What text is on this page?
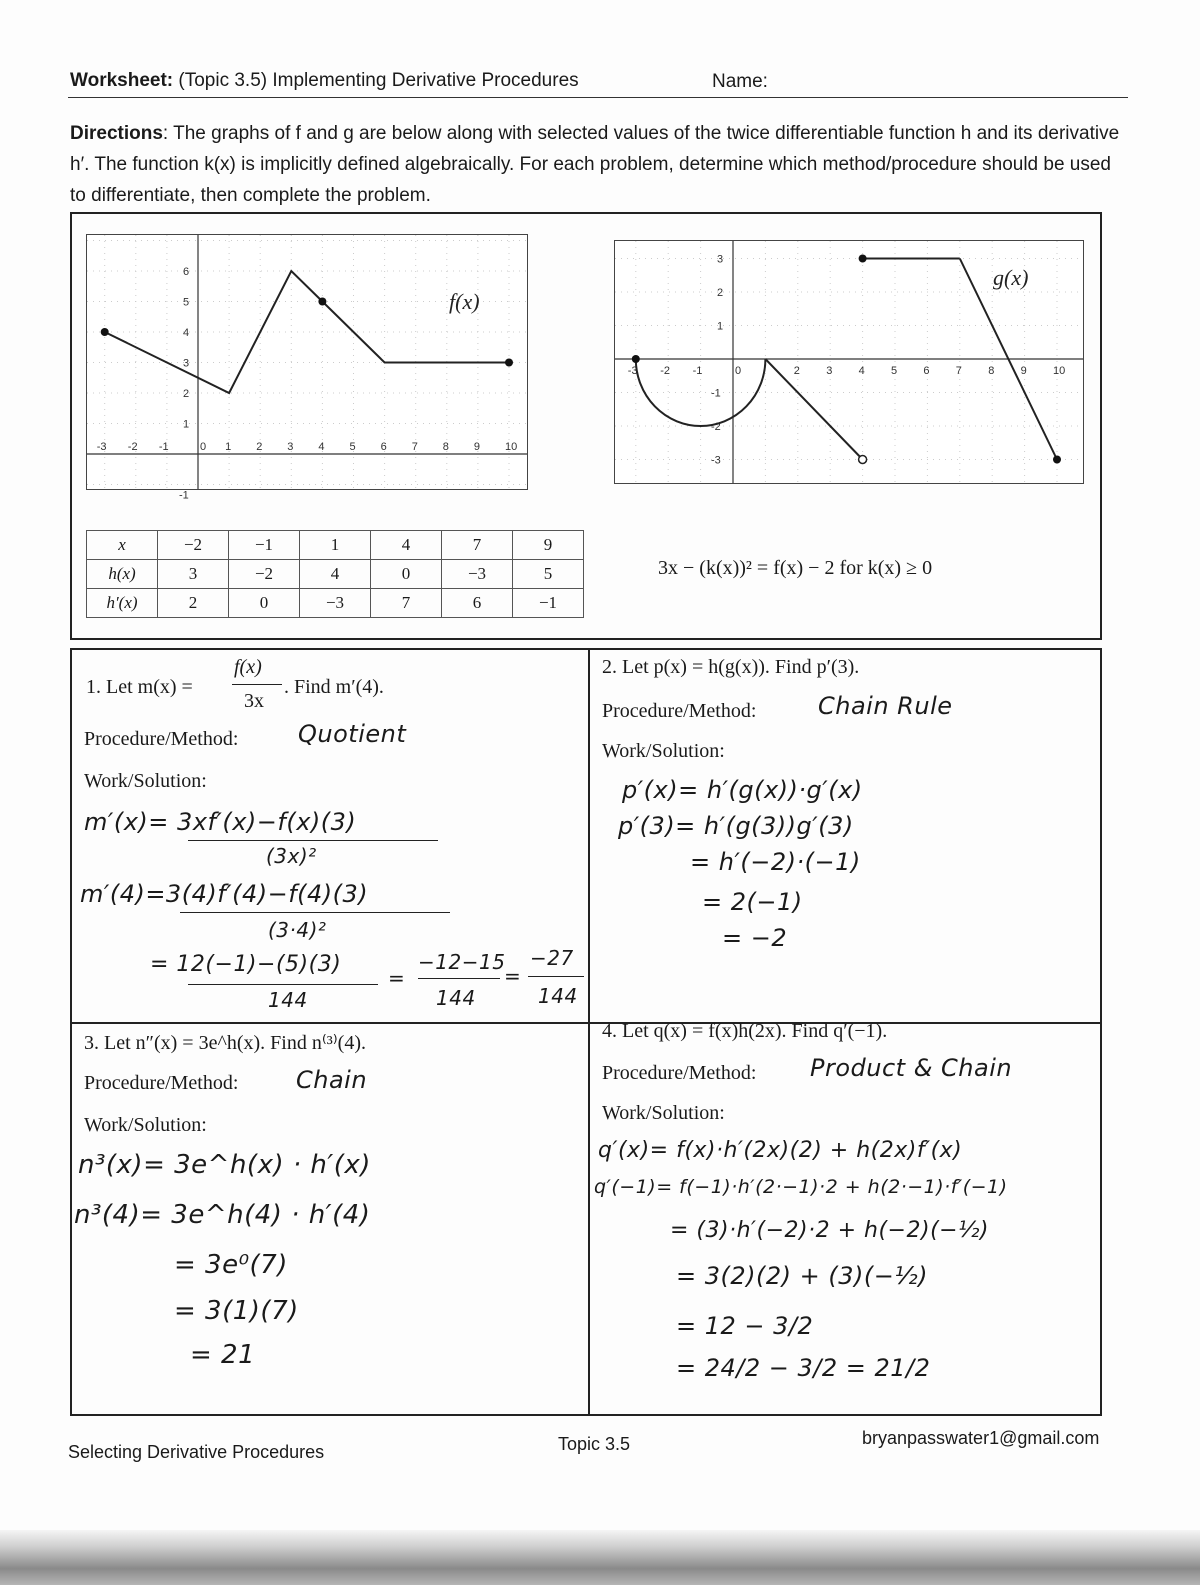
Worksheet: (Topic 3.5) Implementing Derivative Procedures	Name:
Directions: The graphs of f and g are below along with selected values of the twice differentiable function h and its derivative h′. The function k(x) is implicitly defined algebraically. For each problem, determine which method/procedure should be used to differentiate, then complete the problem.
-3 -2 -1	0 1 2 3 4 5 6 7 8 9 10
6
5
4
3
2
1
-1
f(x)
-3 -2 -1	0	2 3 4 5 6 7 8 9 10
3
2
1
-1
-2
-3
g(x)
x	−2	−1	1	4	7	9
h(x)	3	−2	4	0	−3	5
h′(x)	2	0	−3	7	6	−1
3x − (k(x))² = f(x) − 2 for k(x) ≥ 0
1. Let m(x) =
f(x)
3x
. Find m′(4).
Procedure/Method: Quotient
Work/Solution:
m′(x)= 3xf′(x)−f(x)(3)
(3x)²
m′(4)=3(4)f′(4)−f(4)(3)
(3·4)²
= 12(−1)−(5)(3)
144
=
−12−15
144
=
−27
144
2. Let p(x) = h(g(x)). Find p′(3).
Procedure/Method:	Chain Rule
Work/Solution:
p′(x)= h′(g(x))·g′(x)
p′(3)= h′(g(3))g′(3)
= h′(−2)·(−1)
= 2(−1)
= −2
3. Let n″(x) = 3e^h(x). Find n⁽³⁾(4).
Procedure/Method: Chain
Work/Solution:
n³(x)= 3e^h(x) · h′(x)
n³(4)= 3e^h(4) · h′(4)
= 3e⁰(7)
= 3(1)(7)
= 21
4. Let q(x) = f(x)h(2x). Find q′(−1).
Procedure/Method: Product & Chain
Work/Solution:
q′(x)= f(x)·h′(2x)(2) + h(2x)f′(x)
q′(−1)= f(−1)·h′(2·−1)·2 + h(2·−1)·f′(−1)
= (3)·h′(−2)·2 + h(−2)(−½)
= 3(2)(2) + (3)(−½)
= 12 − 3/2
= 24/2 − 3/2 = 21/2
Selecting Derivative Procedures	Topic 3.5	bryanpasswater1@gmail.com
